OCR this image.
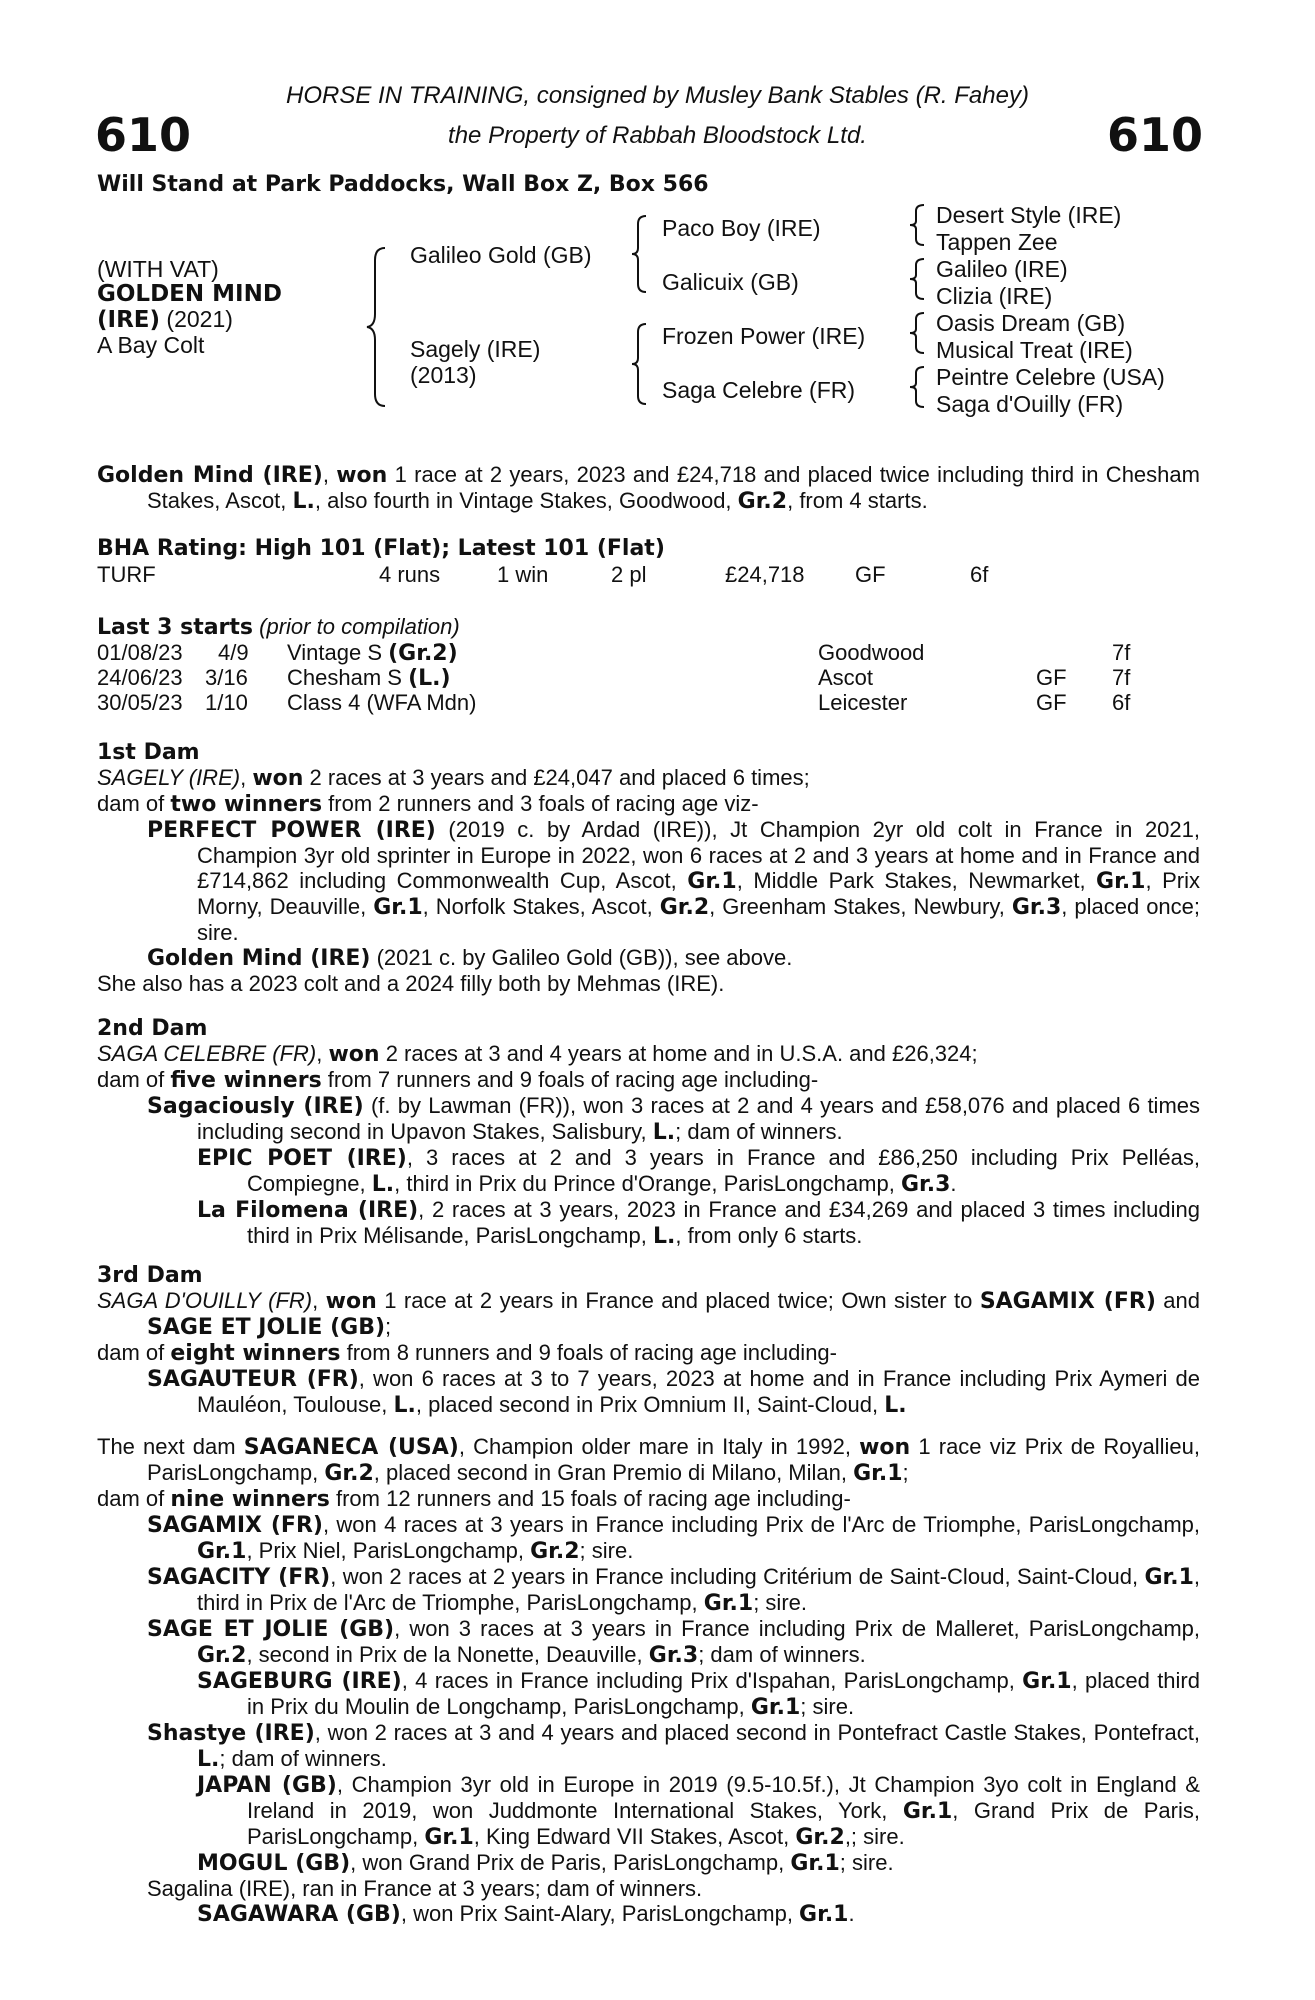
610	610
HORSE IN TRAINING, consigned by Musley Bank Stables (R. Fahey)
the Property of Rabbah Bloodstock Ltd.
Will Stand at Park Paddocks, Wall Box Z, Box 566
(WITH VAT)
GOLDEN MIND
(IRE) (2021)
A Bay Colt
Galileo Gold (GB)
Sagely (IRE)
(2013)
Paco Boy (IRE)
Galicuix (GB)
Frozen Power (IRE)
Saga Celebre (FR)
Desert Style (IRE)
Tappen Zee
Galileo (IRE)
Clizia (IRE)
Oasis Dream (GB)
Musical Treat (IRE)
Peintre Celebre (USA)
Saga d'Ouilly (FR)

Golden Mind (IRE), won 1 race at 2 years, 2023 and £24,718 and placed twice including third in Chesham Stakes, Ascot, L., also fourth in Vintage Stakes, Goodwood, Gr.2, from 4 starts.

BHA Rating: High 101 (Flat); Latest 101 (Flat)
TURF	4 runs	1 win	2 pl	£24,718 GF	6f
Last 3 starts (prior to compilation)
01/08/23 4/9 Vintage S (Gr.2)	Goodwood	7f
24/06/23 3/16 Chesham S (L.)	Ascot	GF 7f
30/05/23 1/10 Class 4 (WFA Mdn)	Leicester	GF 6f

1st Dam

SAGELY (IRE), won 2 races at 3 years and £24,047 and placed 6 times;

dam of two winners from 2 runners and 3 foals of racing age viz-

PERFECT POWER (IRE) (2019 c. by Ardad (IRE)), Jt Champion 2yr old colt in France in 2021, Champion 3yr old sprinter in Europe in 2022, won 6 races at 2 and 3 years at home and in France and £714,862 including Commonwealth Cup, Ascot, Gr.1, Middle Park Stakes, Newmarket, Gr.1, Prix Morny, Deauville, Gr.1, Norfolk Stakes, Ascot, Gr.2, Greenham Stakes, Newbury, Gr.3, placed once; sire.

Golden Mind (IRE) (2021 c. by Galileo Gold (GB)), see above.

She also has a 2023 colt and a 2024 filly both by Mehmas (IRE).

2nd Dam

SAGA CELEBRE (FR), won 2 races at 3 and 4 years at home and in U.S.A. and £26,324;

dam of five winners from 7 runners and 9 foals of racing age including-

Sagaciously (IRE) (f. by Lawman (FR)), won 3 races at 2 and 4 years and £58,076 and placed 6 times including second in Upavon Stakes, Salisbury, L.; dam of winners.

EPIC POET (IRE), 3 races at 2 and 3 years in France and £86,250 including Prix Pelléas, Compiegne, L., third in Prix du Prince d'Orange, ParisLongchamp, Gr.3.

La Filomena (IRE), 2 races at 3 years, 2023 in France and £34,269 and placed 3 times including third in Prix Mélisande, ParisLongchamp, L., from only 6 starts.

3rd Dam

SAGA D'OUILLY (FR), won 1 race at 2 years in France and placed twice; Own sister to SAGAMIX (FR) and SAGE ET JOLIE (GB);

dam of eight winners from 8 runners and 9 foals of racing age including-

SAGAUTEUR (FR), won 6 races at 3 to 7 years, 2023 at home and in France including Prix Aymeri de Mauléon, Toulouse, L., placed second in Prix Omnium II, Saint-Cloud, L.

The next dam SAGANECA (USA), Champion older mare in Italy in 1992, won 1 race viz Prix de Royallieu, ParisLongchamp, Gr.2, placed second in Gran Premio di Milano, Milan, Gr.1;

dam of nine winners from 12 runners and 15 foals of racing age including-

SAGAMIX (FR), won 4 races at 3 years in France including Prix de l'Arc de Triomphe, ParisLongchamp, Gr.1, Prix Niel, ParisLongchamp, Gr.2; sire.

SAGACITY (FR), won 2 races at 2 years in France including Critérium de Saint-Cloud, Saint-Cloud, Gr.1, third in Prix de l'Arc de Triomphe, ParisLongchamp, Gr.1; sire.

SAGE ET JOLIE (GB), won 3 races at 3 years in France including Prix de Malleret, ParisLongchamp, Gr.2, second in Prix de la Nonette, Deauville, Gr.3; dam of winners.

SAGEBURG (IRE), 4 races in France including Prix d'Ispahan, ParisLongchamp, Gr.1, placed third in Prix du Moulin de Longchamp, ParisLongchamp, Gr.1; sire.

Shastye (IRE), won 2 races at 3 and 4 years and placed second in Pontefract Castle Stakes, Pontefract, L.; dam of winners.

JAPAN (GB), Champion 3yr old in Europe in 2019 (9.5-10.5f.), Jt Champion 3yo colt in England & Ireland in 2019, won Juddmonte International Stakes, York, Gr.1, Grand Prix de Paris, ParisLongchamp, Gr.1, King Edward VII Stakes, Ascot, Gr.2,; sire.

MOGUL (GB), won Grand Prix de Paris, ParisLongchamp, Gr.1; sire.

Sagalina (IRE), ran in France at 3 years; dam of winners.

SAGAWARA (GB), won Prix Saint-Alary, ParisLongchamp, Gr.1.
